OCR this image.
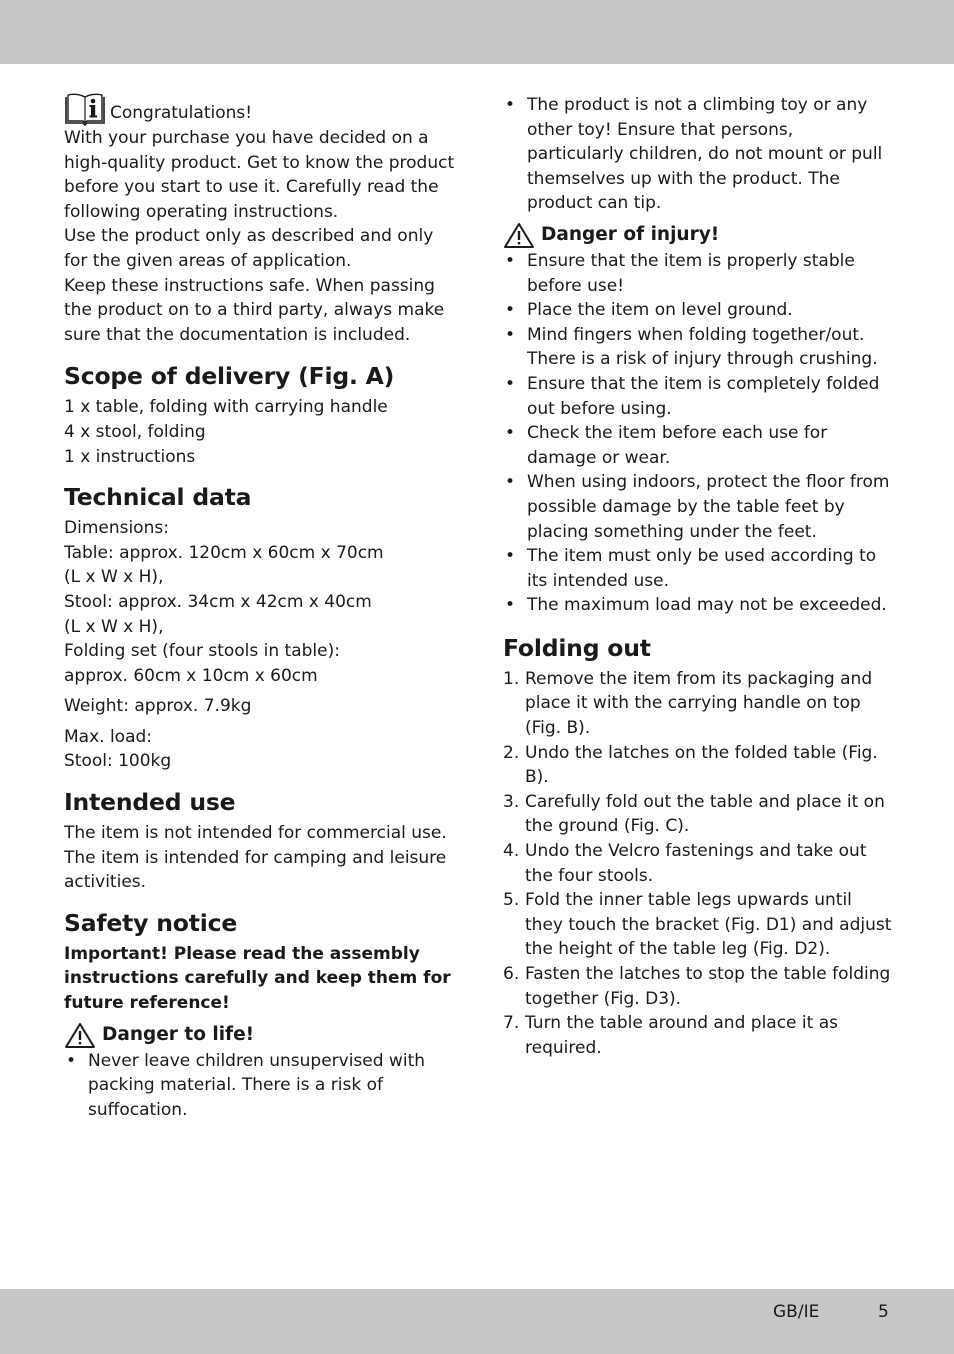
Congratulations!

With your purchase you have decided on a high-quality product. Get to know the product before you start to use it. Carefully read the following operating instructions.

Use the product only as described and only for the given areas of application.

Keep these instructions safe. When passing the product on to a third party, always make sure that the documentation is included.

Scope of delivery (Fig. A)

1 x table, folding with carrying handle

4 x stool, folding

1 x instructions

Technical data

Dimensions:

Table: approx. 120cm x 60cm x 70cm

(L x W x H),

Stool: approx. 34cm x 42cm x 40cm

(L x W x H),

Folding set (four stools in table):

approx. 60cm x 10cm x 60cm

Weight: approx. 7.9kg

Max. load:

Stool: 100kg

Intended use

The item is not intended for commercial use. The item is intended for camping and leisure activities.

Safety notice

Important! Please read the assembly instructions carefully and keep them for future reference!

Danger to life!
• Never leave children unsupervised with packing material. There is a risk of suffocation.
• The product is not a climbing toy or any other toy! Ensure that persons, particularly children, do not mount or pull themselves up with the product. The product can tip.
Danger of injury!
• Ensure that the item is properly stable before use!
• Place the item on level ground.
• Mind fingers when folding together/out. There is a risk of injury through crushing.
• Ensure that the item is completely folded out before using.
• Check the item before each use for damage or wear.
• When using indoors, protect the floor from possible damage by the table feet by placing something under the feet.
• The item must only be used according to its intended use.
• The maximum load may not be exceeded.
Folding out
1. Remove the item from its packaging and place it with the carrying handle on top (Fig. B).
2. Undo the latches on the folded table (Fig. B).
3. Carefully fold out the table and place it on the ground (Fig. C).
4. Undo the Velcro fastenings and take out the four stools.
5. Fold the inner table legs upwards until they touch the bracket (Fig. D1) and adjust the height of the table leg (Fig. D2).
6. Fasten the latches to stop the table folding together (Fig. D3).
7. Turn the table around and place it as required.
GB/IE	5
